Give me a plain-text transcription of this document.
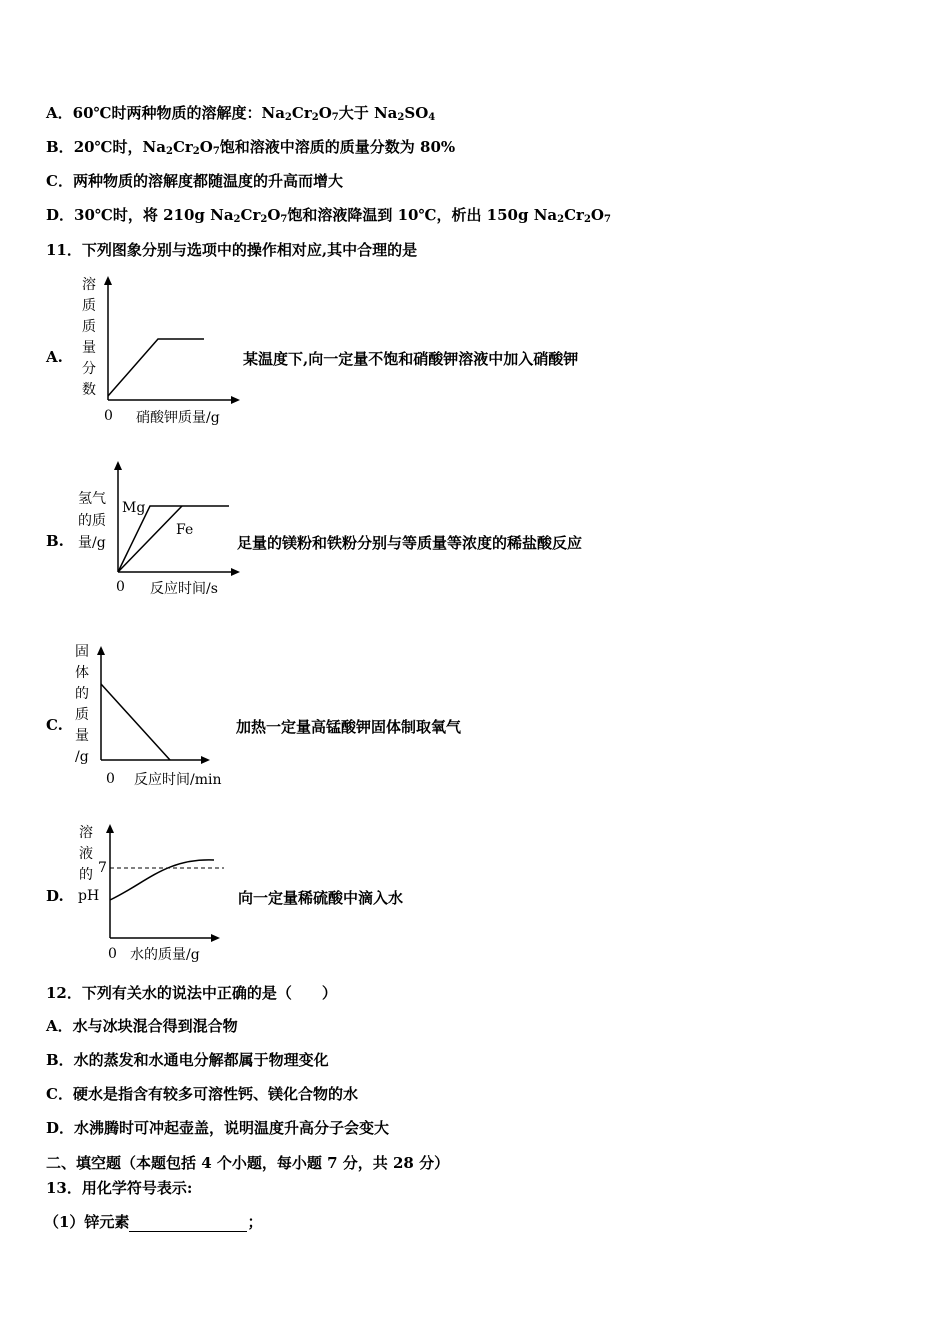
A．60℃时两种物质的溶解度：$Na_2Cr_2O_7$大于 $Na_2SO_4$
B．20℃时，$Na_2Cr_2O_7$饱和溶液中溶质的质量分数为 80%
C．两种物质的溶解度都随温度的升高而增大
D．30℃时，将 210g $Na_2Cr_2O_7$饱和溶液降温到 10℃，析出 150g $Na_2Cr_2O_7$
11．下列图象分别与选项中的操作相对应,其中合理的是
A.
溶
质
质
量
分
数
0 硝酸钾质量/g
某温度下,向一定量不饱和硝酸钾溶液中加入硝酸钾
B.
Mg
Fe
氢气
的质
量/g
0 反应时间/s
足量的镁粉和铁粉分别与等质量等浓度的稀盐酸反应
C.
固
体
的
质
量
/g
0 反应时间/min
加热一定量高锰酸钾固体制取氧气
D.
7
溶
液
的
pH
0 水的质量/g
向一定量稀硫酸中滴入水
12．下列有关水的说法中正确的是（　　）
A．水与冰块混合得到混合物
B．水的蒸发和水通电分解都属于物理变化
C．硬水是指含有较多可溶性钙、镁化合物的水
D．水沸腾时可冲起壶盖，说明温度升高分子会变大
二、填空题（本题包括 4 个小题，每小题 7 分，共 28 分）
13．用化学符号表示:
（1）锌元素	；
